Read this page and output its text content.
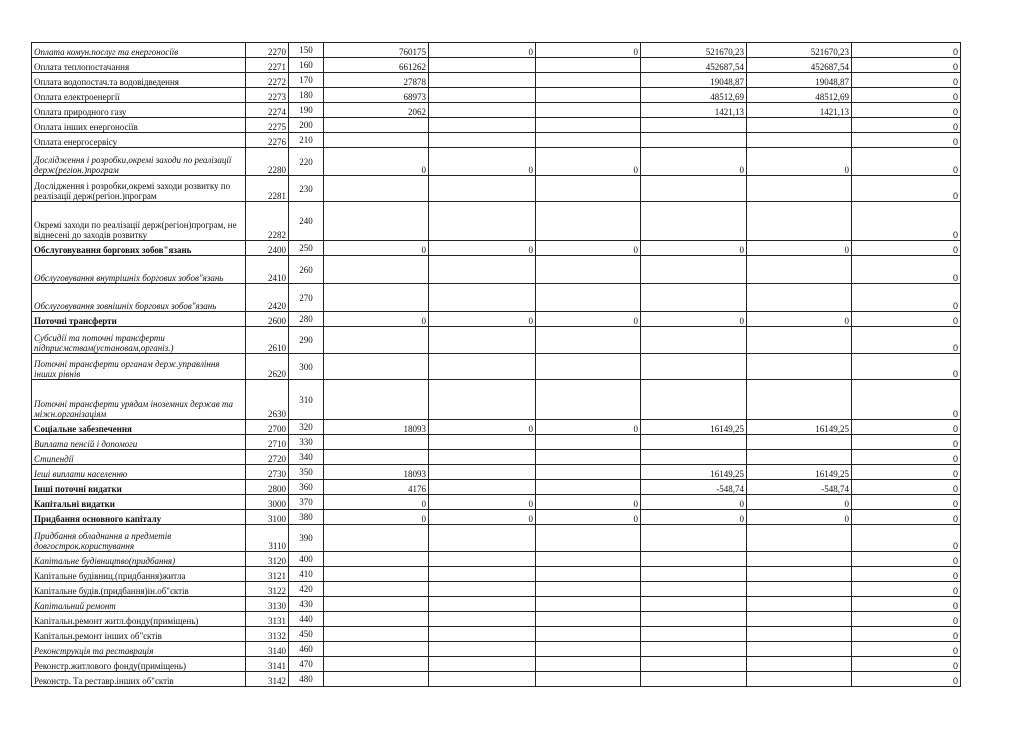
Оплата комун.послуг та енергоносіїв	2270	150	760175	0	0	521670,23	521670,23	0
Оплата теплопостачання	2271	160	661262			452687,54	452687,54	0
Оплата водопостач.та водовідведення	2272	170	27878			19048,87	19048,87	0
Оплата електроенергії	2273	180	68973			48512,69	48512,69	0
Оплата природного газу	2274	190	2062			1421,13	1421,13	0
Оплата інших енергоносіїв	2275	200						0
Оплата енергосервісу	2276	210						0
Дослідження і розробки,окремі заходи по реалізації держ(регіон.)програм	2280	220	0	0	0	0	0	0
Дослідження і розробки,окремі заходи розвитку по реалізації держ(регіон.)програм	2281	230						0
Окремі заходи по реалізації держ(регіон)програм, не віднесені до заходів розвитку	2282	240						0
Обслуговування боргових зобов"язань	2400	250	0	0	0	0	0	0
Обслуговування внутрішніх боргових зобов"язань	2410	260						0
Обслуговування зовнішніх боргових зобов"язань	2420	270						0
Поточні трансферти	2600	280	0	0	0	0	0	0
Субсидії та поточні трансферти підприємствам(установам,організ.)	2610	290						0
Поточні трансферти органам держ.управління інших рівнів	2620	300						0
Поточні трансферти урядам іноземних держав та міжн.організаціям	2630	310						0
Соціальне забезпечення	2700	320	18093	0	0	16149,25	16149,25	0
Виплата пенсій і допомоги	2710	330						0
Стипендії	2720	340						0
Іешi виплати населенню	2730	350	18093			16149,25	16149,25	0
Інші поточні видатки	2800	360	4176			-548,74	-548,74	0
Капітальні видатки	3000	370	0	0	0	0	0	0
Придбання основного капіталу	3100	380	0	0	0	0	0	0
Придбання обладнання а предметів довгострок.користування	3110	390						0
Капітальне будівництво(придбання)	3120	400						0
Капітальне будівниц.(придбання)житла	3121	410						0
Капітальне будів.(придбання)ін.об"єктів	3122	420						0
Капітальний ремонт	3130	430						0
Капітальн.ремонт житл.фонду(приміщень)	3131	440						0
Капітальн.ремонт інших об"єктів	3132	450						0
Реконструкція та реставрація	3140	460						0
Реконстр.житлового фонду(приміщень)	3141	470						0
Реконстр. Та реставр.інших об"єктів	3142	480						0
